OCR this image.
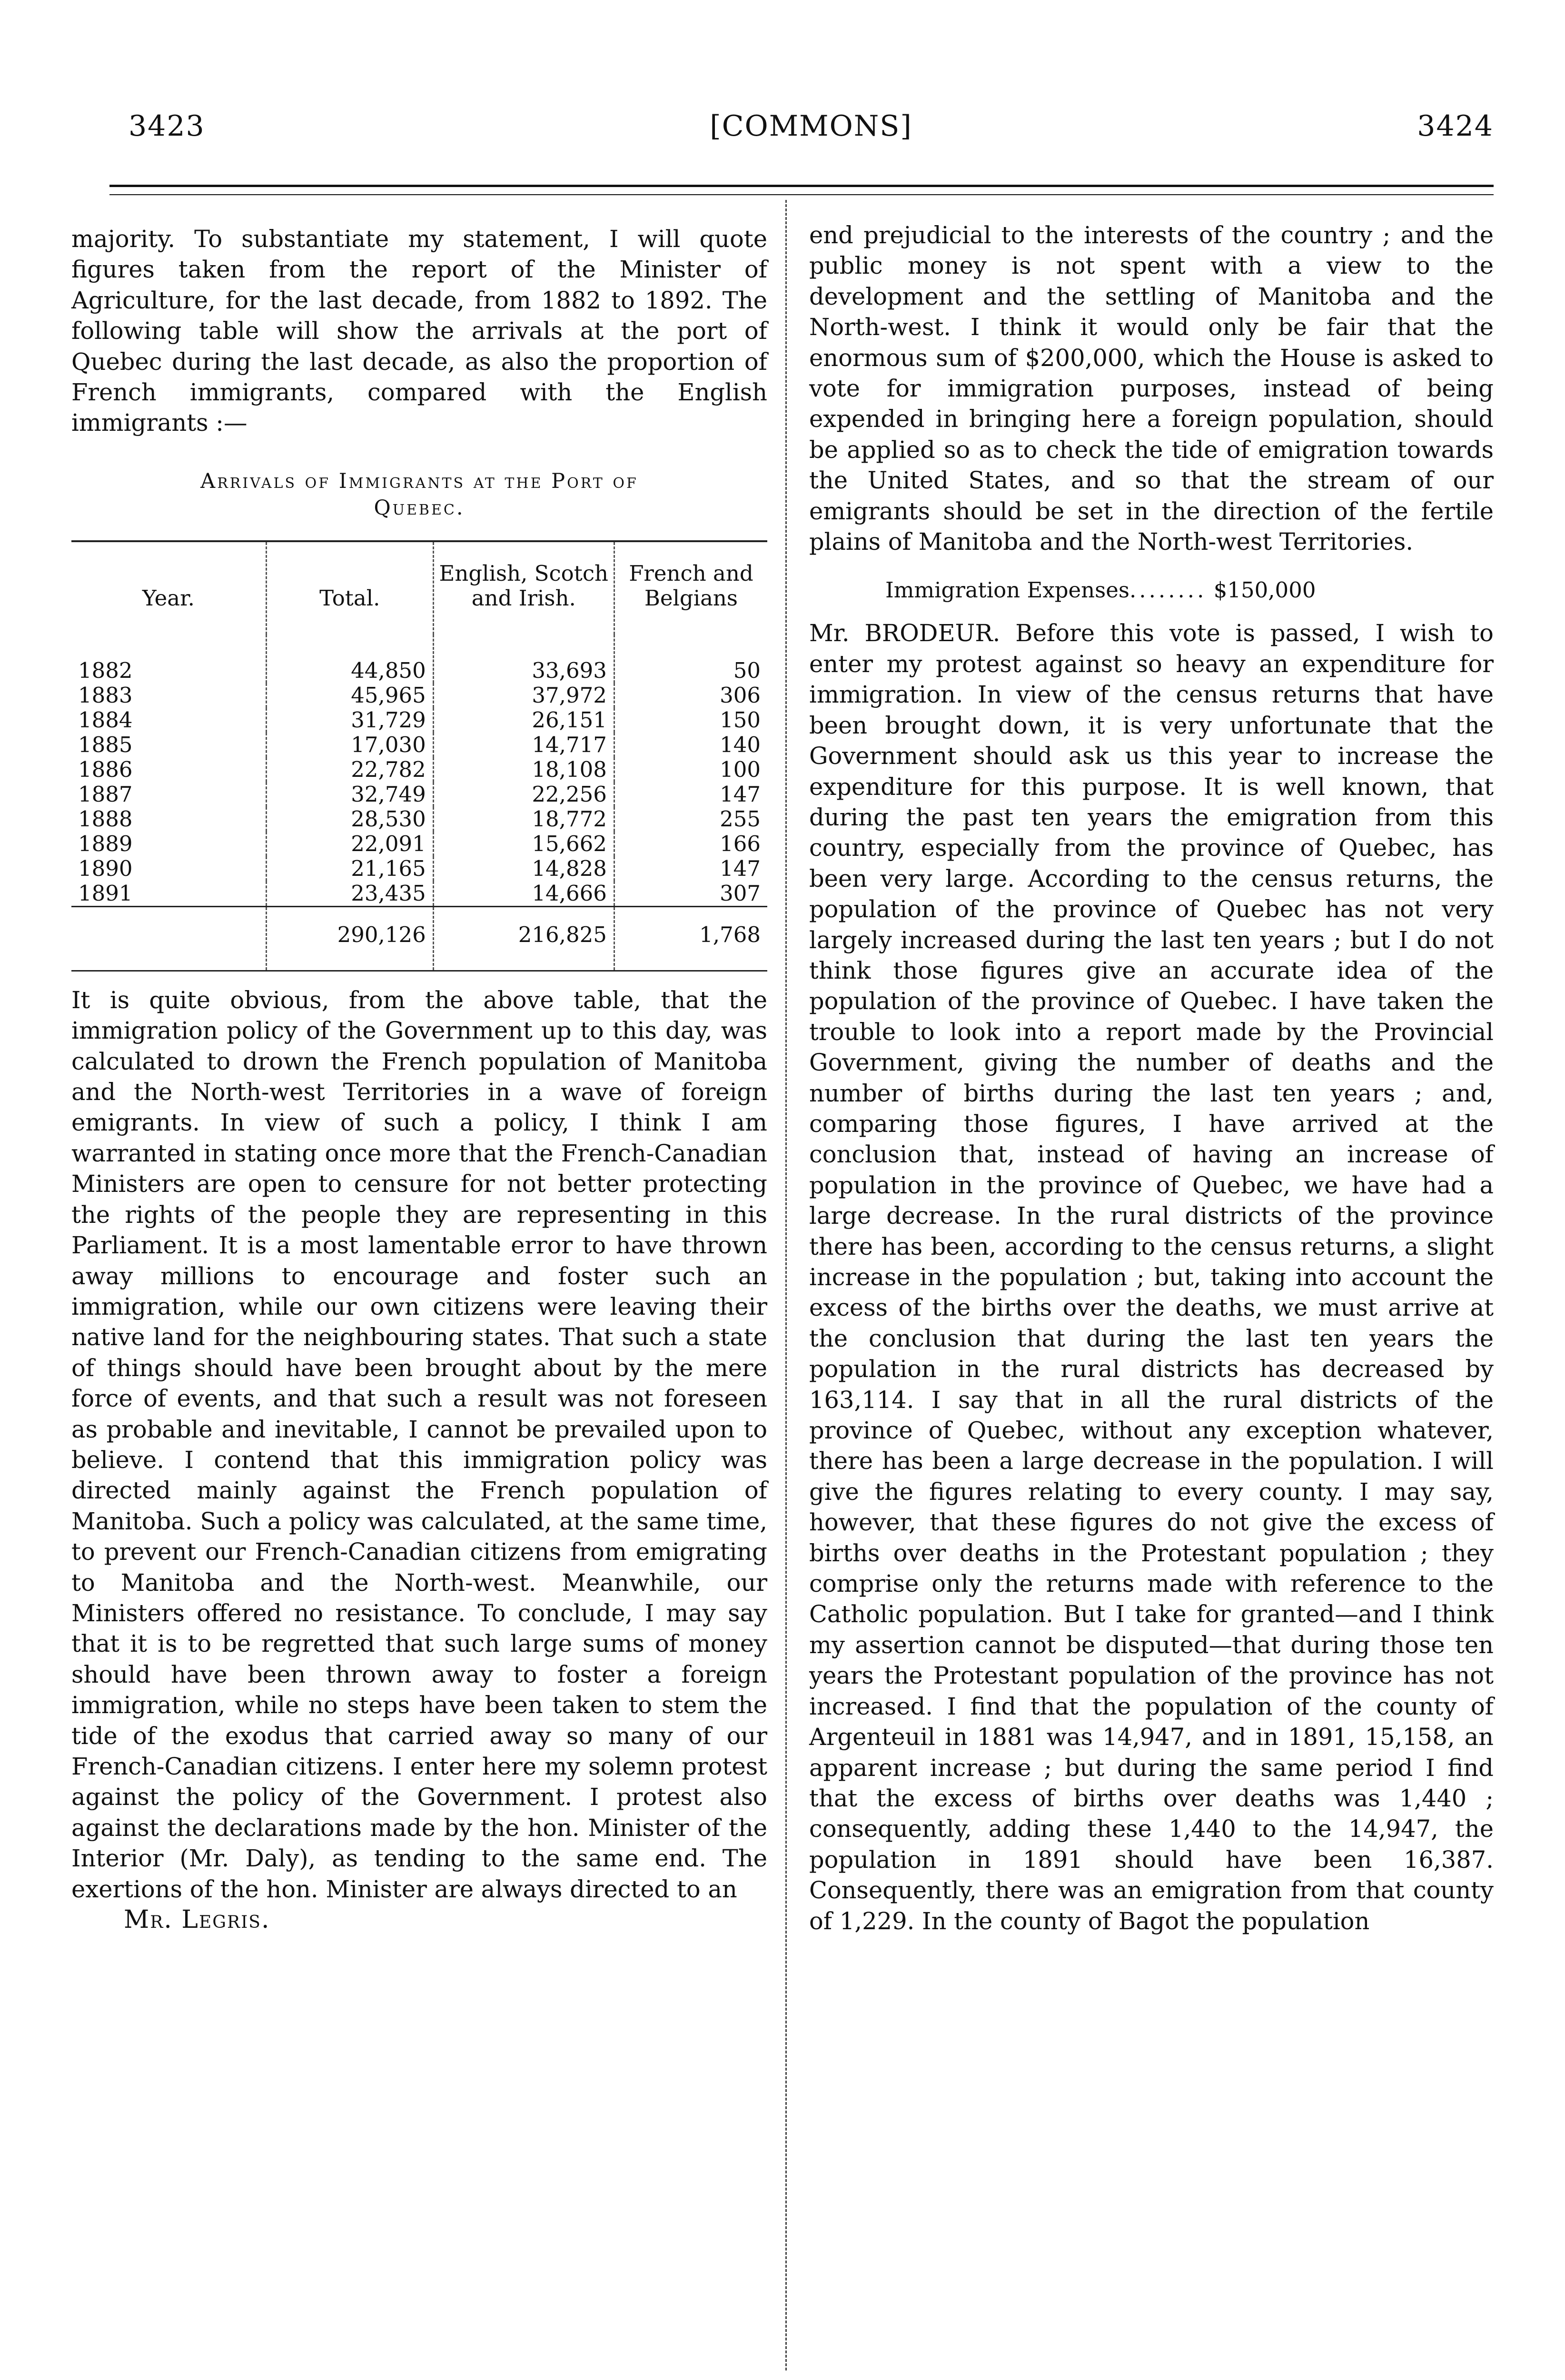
3423	[COMMONS]	3424

majority. To substantiate my statement, I will quote figures taken from the report of the Minister of Agriculture, for the last decade, from 1882 to 1892. The following table will show the arrivals at the port of Quebec during the last decade, as also the proportion of French immigrants, compared with the English immigrants :—

Arrivals of Immigrants at the Port of
Quebec.
Year.	Total.	English, Scotch and Irish.	French and Belgians
1882	44,850	33,693	50
1883	45,965	37,972	306
1884	31,729	26,151	150
1885	17,030	14,717	140
1886	22,782	18,108	100
1887	32,749	22,256	147
1888	28,530	18,772	255
1889	22,091	15,662	166
1890	21,165	14,828	147
1891	23,435	14,666	307
	290,126	216,825	1,768

It is quite obvious, from the above table, that the immigration policy of the Government up to this day, was calculated to drown the French population of Manitoba and the North-west Territories in a wave of foreign emigrants. In view of such a policy, I think I am warranted in stating once more that the French-Canadian Ministers are open to censure for not better protecting the rights of the people they are representing in this Parliament. It is a most lamentable error to have thrown away millions to encourage and foster such an immigration, while our own citizens were leaving their native land for the neighbouring states. That such a state of things should have been brought about by the mere force of events, and that such a result was not foreseen as probable and inevitable, I cannot be prevailed upon to believe. I contend that this immigration policy was directed mainly against the French population of Manitoba. Such a policy was calculated, at the same time, to prevent our French-Canadian citizens from emigrating to Manitoba and the North-west. Meanwhile, our Ministers offered no resistance. To conclude, I may say that it is to be regretted that such large sums of money should have been thrown away to foster a foreign immigration, while no steps have been taken to stem the tide of the exodus that carried away so many of our French-Canadian citizens. I enter here my solemn protest against the policy of the Government. I protest also against the declarations made by the hon. Minister of the Interior (Mr. Daly), as tending to the same end. The exertions of the hon. Minister are always directed to an

Mr. Legris.

end prejudicial to the interests of the country ; and the public money is not spent with a view to the development and the settling of Manitoba and the North-west. I think it would only be fair that the enormous sum of $200,000, which the House is asked to vote for immigration purposes, instead of being expended in bringing here a foreign population, should be applied so as to check the tide of emigration towards the United States, and so that the stream of our emigrants should be set in the direction of the fertile plains of Manitoba and the North-west Territories.

Immigration Expenses........ $150,000

Mr. BRODEUR. Before this vote is passed, I wish to enter my protest against so heavy an expenditure for immigration. In view of the census returns that have been brought down, it is very unfortunate that the Government should ask us this year to increase the expenditure for this purpose. It is well known, that during the past ten years the emigration from this country, especially from the province of Quebec, has been very large. According to the census returns, the population of the province of Quebec has not very largely increased during the last ten years ; but I do not think those figures give an accurate idea of the population of the province of Quebec. I have taken the trouble to look into a report made by the Provincial Government, giving the number of deaths and the number of births during the last ten years ; and, comparing those figures, I have arrived at the conclusion that, instead of having an increase of population in the province of Quebec, we have had a large decrease. In the rural districts of the province there has been, according to the census returns, a slight increase in the population ; but, taking into account the excess of the births over the deaths, we must arrive at the conclusion that during the last ten years the population in the rural districts has decreased by 163,114. I say that in all the rural districts of the province of Quebec, without any exception whatever, there has been a large decrease in the population. I will give the figures relating to every county. I may say, however, that these figures do not give the excess of births over deaths in the Protestant population ; they comprise only the returns made with reference to the Catholic population. But I take for granted—and I think my assertion cannot be disputed—that during those ten years the Protestant population of the province has not increased. I find that the population of the county of Argenteuil in 1881 was 14,947, and in 1891, 15,158, an apparent increase ; but during the same period I find that the excess of births over deaths was 1,440 ; consequently, adding these 1,440 to the 14,947, the population in 1891 should have been 16,387. Consequently, there was an emigration from that county of 1,229. In the county of Bagot the population
